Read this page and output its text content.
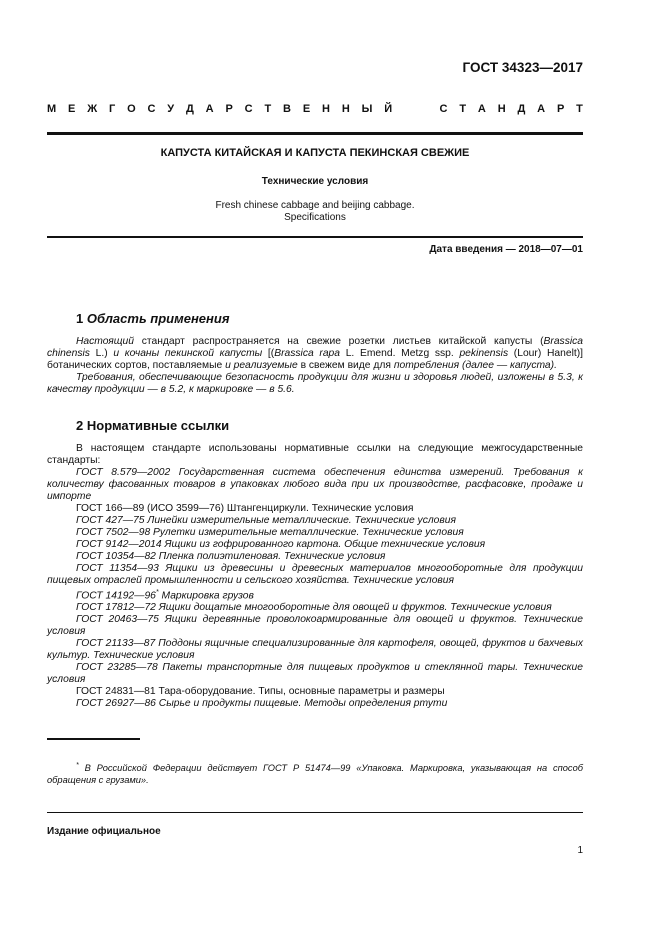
ГОСТ 34323—2017
М Е Ж Г О С У Д А Р С Т В Е Н Н Ы Й	С Т А Н Д А Р Т
КАПУСТА КИТАЙСКАЯ И КАПУСТА ПЕКИНСКАЯ СВЕЖИЕ
Технические условия
Fresh chinese cabbage and beijing cabbage.
Specifications
Дата введения — 2018—07—01
1 Область применения

Настоящий стандарт распространяется на свежие розетки листьев китайской капусты (Brassica chinensis L.) и кочаны пекинской капусты [(Brassica rapa L. Emend. Metzg ssp. pekinensis (Lour) Hanelt)] ботанических сортов, поставляемые и реализуемые в свежем виде для потребления (далее — капуста).

Требования, обеспечивающие безопасность продукции для жизни и здоровья людей, изложены в 5.3, к качеству продукции — в 5.2, к маркировке — в 5.6.

2 Нормативные ссылки

В настоящем стандарте использованы нормативные ссылки на следующие межгосударственные стандарты:

ГОСТ 8.579—2002 Государственная система обеспечения единства измерений. Требования к количеству фасованных товаров в упаковках любого вида при их производстве, расфасовке, продаже и импорте

ГОСТ 166—89 (ИСО 3599—76) Штангенциркули. Технические условия

ГОСТ 427—75 Линейки измерительные металлические. Технические условия

ГОСТ 7502—98 Рулетки измерительные металлические. Технические условия

ГОСТ 9142—2014 Ящики из гофрированного картона. Общие технические условия

ГОСТ 10354—82 Пленка полиэтиленовая. Технические условия

ГОСТ 11354—93 Ящики из древесины и древесных материалов многооборотные для продукции пищевых отраслей промышленности и сельского хозяйства. Технические условия

ГОСТ 14192—96* Маркировка грузов

ГОСТ 17812—72 Ящики дощатые многооборотные для овощей и фруктов. Технические условия

ГОСТ 20463—75 Ящики деревянные проволокоармированные для овощей и фруктов. Технические условия

ГОСТ 21133—87 Поддоны ящичные специализированные для картофеля, овощей, фруктов и бахчевых культур. Технические условия

ГОСТ 23285—78 Пакеты транспортные для пищевых продуктов и стеклянной тары. Технические условия

ГОСТ 24831—81 Тара-оборудование. Типы, основные параметры и размеры

ГОСТ 26927—86 Сырье и продукты пищевые. Методы определения ртути

* В Российской Федерации действует ГОСТ Р 51474—99 «Упаковка. Маркировка, указывающая на способ обращения с грузами».
Издание официальное
1
